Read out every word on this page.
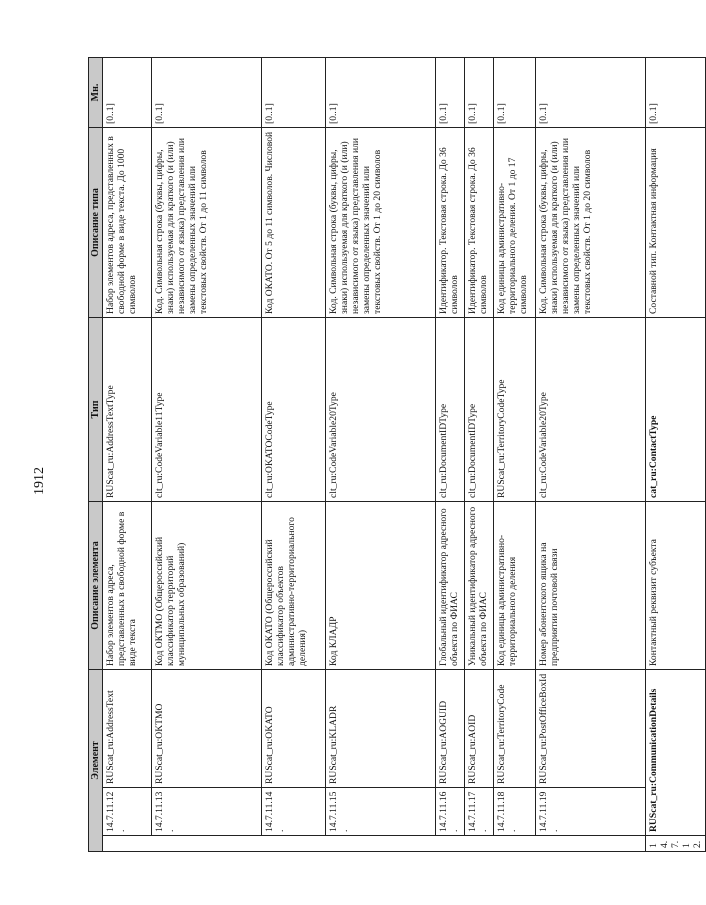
1912
Элемент			Описание элемента	Тип	Описание типа	Мн.
	14.7.11.12.	RUScat_ru:AddressText	Набор элементов адреса, представленных в свободной форме в виде текста	RUScat_ru:AddressTextType	Набор элементов адреса, представленных в свободной форме в виде текста. До 1000 символов	[0..1]
	14.7.11.13.	RUScat_ru:OKTMO	Код ОКТМО (Общероссийский классификатор территорий муниципальных образований)	clt_ru:CodeVariable11Type	Код. Символьная строка (буквы, цифры, знаки) используемая для краткого (и (или) независимого от языка) представления или замены определенных значений или текстовых свойств. От 1 до 11 символов	[0..1]
	14.7.11.14.	RUScat_ru:OKATO	Код ОКАТО (Общероссийский классификатор объектов административно-территориального деления)	clt_ru:OKATOCodeType	Код ОКАТО. От 5 до 11 символов. Числовой	[0..1]
	14.7.11.15.	RUScat_ru:KLADR	Код КЛАДР	clt_ru:CodeVariable20Type	Код. Символьная строка (буквы, цифры, знаки) используемая для краткого (и (или) независимого от языка) представления или замены определенных значений или текстовых свойств. От 1 до 20 символов	[0..1]
	14.7.11.16.	RUScat_ru:AOGUID	Глобальный идентификатор адресного объекта по ФИАС	clt_ru:DocumentIDType	Идентификатор. Текстовая строка. До 36 символов	[0..1]
	14.7.11.17.	RUScat_ru:AOID	Уникальный идентификатор адресного объекта по ФИАС	clt_ru:DocumentIDType	Идентификатор. Текстовая строка. До 36 символов	[0..1]
	14.7.11.18.	RUScat_ru:TerritoryCode	Код единицы административно-территориального деления	RUScat_ru:TerritoryCodeType	Код единицы административно-территориального деления. От 1 до 17 символов	[0..1]
	14.7.11.19.	RUScat_ru:PostOfficeBoxId	Номер абонентского ящика на предприятии почтовой связи	clt_ru:CodeVariable20Type	Код. Символьная строка (буквы, цифры, знаки) используемая для краткого (и (или) независимого от языка) представления или замены определенных значений или текстовых свойств. От 1 до 20 символов	[0..1]
14.7.12.	RUScat_ru:CommunicationDetails		Контактный реквизит субъекта	cat_ru:ContactType	Составной тип. Контактная информация	[0..1]
